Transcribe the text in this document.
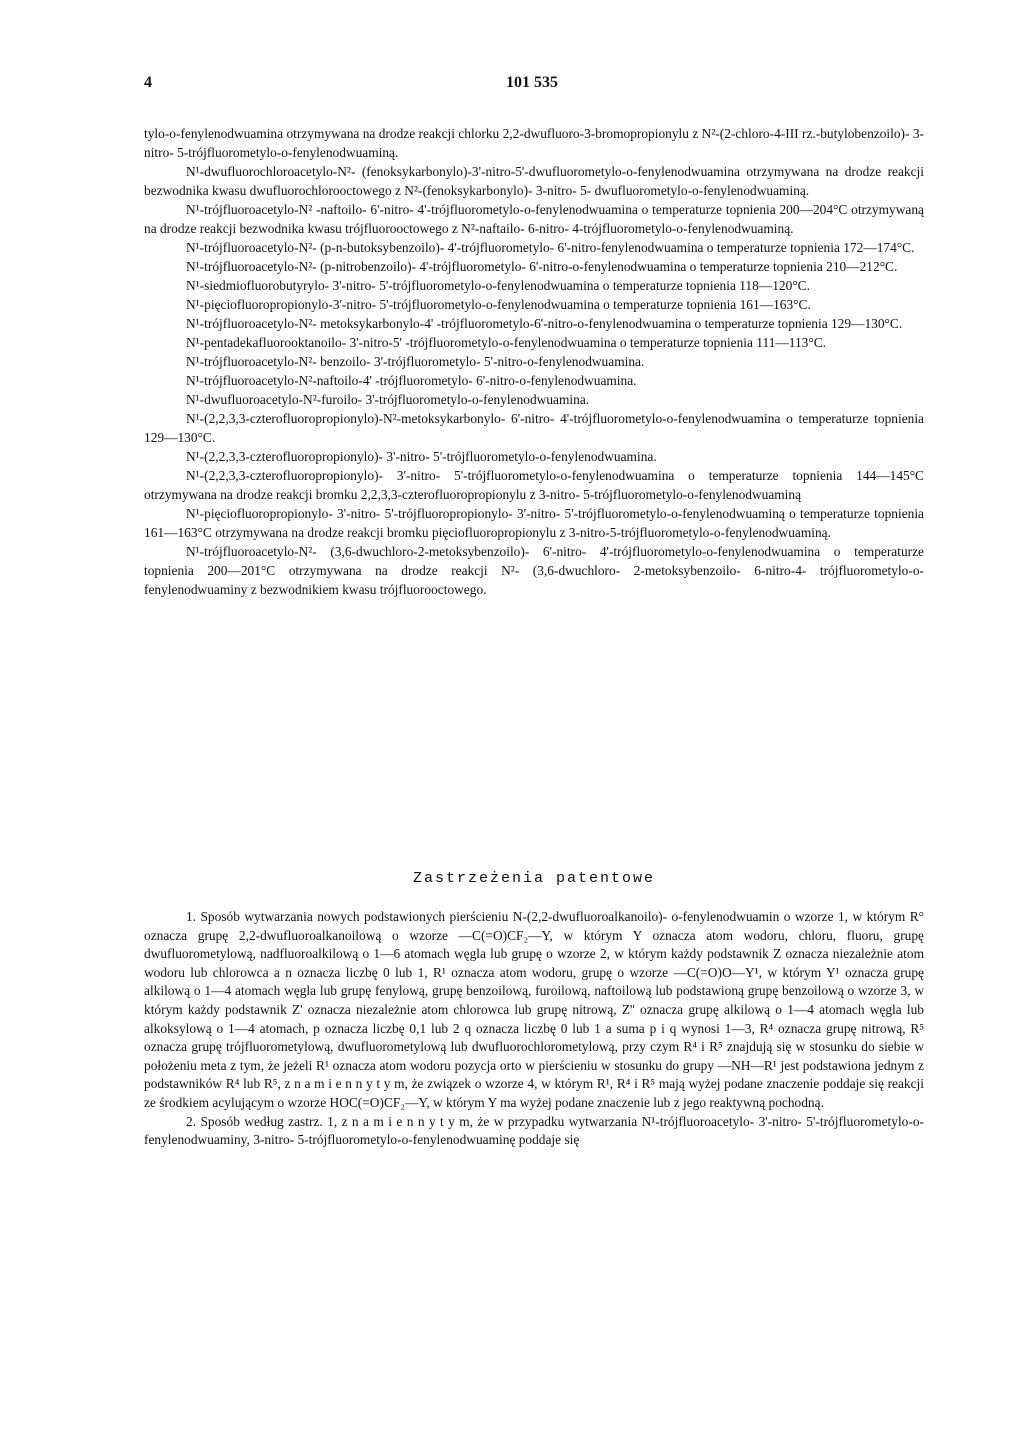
4	101 535

tylo-o-fenylenodwuamina otrzymywana na drodze reakcji chlorku 2,2-dwufluoro-3-bromopropionylu z N²-(2-chloro-4-III rz.-butylobenzoilo)- 3-nitro- 5-trójfluorometylo-o-fenylenodwuaminą.

N¹-dwufluorochloroacetylo-N²- (fenoksykarbonylo)-3'-nitro-5'-dwufluorometylo-o-fenylenodwuamina otrzymywana na drodze reakcji bezwodnika kwasu dwufluorochlorooctowego z N²-(fenoksykarbonylo)- 3-nitro- 5- dwufluorometylo-o-fenylenodwuaminą.

N¹-trójfluoroacetylo-N² -naftoilo- 6'-nitro- 4'-trójfluorometylo-o-fenylenodwuamina o temperaturze topnienia 200—204°C otrzymywaną na drodze reakcji bezwodnika kwasu trójfluorooctowego z N²-naftailo- 6-nitro- 4-trójfluorometylo-o-fenylenodwuaminą.

N¹-trójfluoroacetylo-N²- (p-n-butoksybenzoilo)- 4'-trójfluorometylo- 6'-nitro-fenylenodwuamina o temperaturze topnienia 172—174°C.

N¹-trójfluoroacetylo-N²- (p-nitrobenzoilo)- 4'-trójfluorometylo- 6'-nitro-o-fenylenodwuamina o temperaturze topnienia 210—212°C.

N¹-siedmiofluorobutyrylo- 3'-nitro- 5'-trójfluorometylo-o-fenylenodwuamina o temperaturze topnienia 118—120°C.

N¹-pięciofluoropropionylo-3'-nitro- 5'-trójfluorometylo-o-fenylenodwuamina o temperaturze topnienia 161—163°C.

N¹-trójfluoroacetylo-N²- metoksykarbonylo-4' -trójfluorometylo-6'-nitro-o-fenylenodwuamina o temperaturze topnienia 129—130°C.

N¹-pentadekafluorooktanoilo- 3'-nitro-5' -trójfluorometylo-o-fenylenodwuamina o temperaturze topnienia 111—113°C.

N¹-trójfluoroacetylo-N²- benzoilo- 3'-trójfluorometylo- 5'-nitro-o-fenylenodwuamina.

N¹-trójfluoroacetylo-N²-naftoilo-4' -trójfluorometylo- 6'-nitro-o-fenylenodwuamina.

N¹-dwufluoroacetylo-N²-furoilo- 3'-trójfluorometylo-o-fenylenodwuamina.

N¹-(2,2,3,3-czterofluoropropionylo)-N²-metoksykarbonylo- 6'-nitro- 4'-trójfluorometylo-o-fenylenodwuamina o temperaturze topnienia 129—130°C.

N¹-(2,2,3,3-czterofluoropropionylo)- 3'-nitro- 5'-trójfluorometylo-o-fenylenodwuamina.

N¹-(2,2,3,3-czterofluoropropionylo)- 3'-nitro- 5'-trójfluorometylo-o-fenylenodwuamina o temperaturze topnienia 144—145°C otrzymywana na drodze reakcji bromku 2,2,3,3-czterofluoropropionylu z 3-nitro- 5-trójfluorometylo-o-fenylenodwuaminą

N¹-pięciofluoropropionylo- 3'-nitro- 5'-trójfluoropropionylo- 3'-nitro- 5'-trójfluorometylo-o-fenylenodwuaminą o temperaturze topnienia 161—163°C otrzymywana na drodze reakcji bromku pięciofluoropropionylu z 3-nitro-5-trójfluorometylo-o-fenylenodwuaminą.

N¹-trójfluoroacetylo-N²- (3,6-dwuchloro-2-metoksybenzoilo)- 6'-nitro- 4'-trójfluorometylo-o-fenylenodwuamina o temperaturze topnienia 200—201°C otrzymywana na drodze reakcji N²- (3,6-dwuchloro- 2-metoksybenzoilo- 6-nitro-4- trójfluorometylo-o-fenylenodwuaminy z bezwodnikiem kwasu trójfluorooctowego.

Zastrzeżenia patentowe

1. Sposób wytwarzania nowych podstawionych pierścieniu N-(2,2-dwufluoroalkanoilo)- o-fenylenodwuamin o wzorze 1, w którym R° oznacza grupę 2,2-dwufluoroalkanoilową o wzorze —C(=O)CF₂—Y, w którym Y oznacza atom wodoru, chloru, fluoru, grupę dwufluorometylową, nadfluoroalkilową o 1—6 atomach węgla lub grupę o wzorze 2, w którym każdy podstawnik Z oznacza niezależnie atom wodoru lub chlorowca a n oznacza liczbę 0 lub 1, R¹ oznacza atom wodoru, grupę o wzorze —C(=O)O—Y¹, w którym Y¹ oznacza grupę alkilową o 1—4 atomach węgla lub grupę fenylową, grupę benzoilową, furoilową, naftoilową lub podstawioną grupę benzoilową o wzorze 3, w którym każdy podstawnik Z' oznacza niezależnie atom chlorowca lub grupę nitrową, Z'' oznacza grupę alkilową o 1—4 atomach węgla lub alkoksylową o 1—4 atomach, p oznacza liczbę 0,1 lub 2 q oznacza liczbę 0 lub 1 a suma p i q wynosi 1—3, R⁴ oznacza grupę nitrową, R⁵ oznacza grupę trójfluorometylową, dwufluorometylową lub dwufluorochlorometylową, przy czym R⁴ i R⁵ znajdują się w stosunku do siebie w położeniu meta z tym, że jeżeli R¹ oznacza atom wodoru pozycja orto w pierścieniu w stosunku do grupy —NH—R¹ jest podstawiona jednym z podstawników R⁴ lub R⁵, z n a m i e n n y t y m, że związek o wzorze 4, w którym R¹, R⁴ i R⁵ mają wyżej podane znaczenie poddaje się reakcji ze środkiem acylującym o wzorze HOC(=O)CF₂—Y, w którym Y ma wyżej podane znaczenie lub z jego reaktywną pochodną.

2. Sposób według zastrz. 1, z n a m i e n n y t y m, że w przypadku wytwarzania N¹-trójfluoroacetylo- 3'-nitro- 5'-trójfluorometylo-o-fenylenodwuaminy, 3-nitro- 5-trójfluorometylo-o-fenylenodwuaminę poddaje się
